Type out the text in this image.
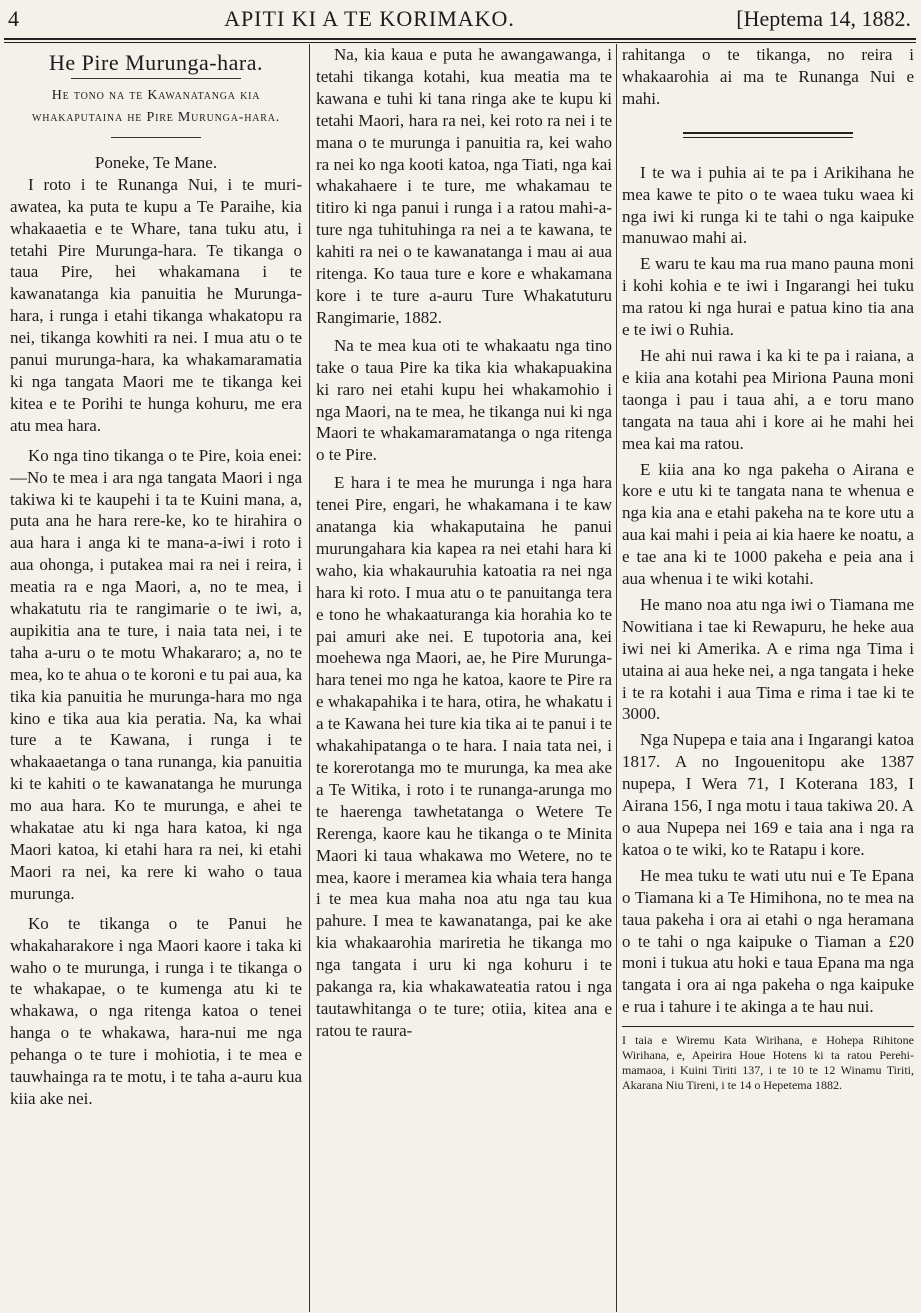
4	APITI KI A TE KORIMAKO.	[Heptema 14, 1882.
He Pire Murunga-hara.
He tono na te Kawanatanga kia whakaputaina he Pire Murunga-hara.
Poneke, Te Mane.

I roto i te Runanga Nui, i te muri-awatea, ka puta te kupu a Te Paraihe, kia whakaaetia e te Whare, tana tuku atu, i tetahi Pire Murunga-hara. Te tikanga o taua Pire, hei whakamana i te kawanatanga kia panuitia he Murunga-hara, i runga i etahi tikanga whakatopu ra nei, tikanga kowhiti ra nei. I mua atu o te panui murunga-hara, ka whakamaramatia ki nga tangata Maori me te tikanga kei kitea e te Porihi te hunga kohuru, me era atu mea hara.

Ko nga tino tikanga o te Pire, koia enei:—No te mea i ara nga tangata Maori i nga takiwa ki te kaupehi i ta te Kuini mana, a, puta ana he hara rere-ke, ko te hirahira o aua hara i anga ki te mana-a-iwi i roto i aua ohonga, i putakea mai ra nei i reira, i meatia ra e nga Maori, a, no te mea, i whakatutu ria te rangimarie o te iwi, a, aupikitia ana te ture, i naia tata nei, i te taha a-uru o te motu Whakararo; a, no te mea, ko te ahua o te koroni e tu pai aua, ka tika kia panuitia he murunga-hara mo nga kino e tika aua kia peratia. Na, ka whai ture a te Kawana, i runga i te whakaaetanga o tana runanga, kia panuitia ki te kahiti o te kawanatanga he murunga mo aua hara. Ko te murunga, e ahei te whakatae atu ki nga hara katoa, ki nga Maori katoa, ki etahi hara ra nei, ki etahi Maori ra nei, ka rere ki waho o taua murunga.

Ko te tikanga o te Panui he whakaharakore i nga Maori kaore i taka ki waho o te murunga, i runga i te tikanga o te whakapae, o te kumenga atu ki te whakawa, o nga ritenga katoa o tenei hanga o te whakawa, hara-nui me nga pehanga o te ture i mohiotia, i te mea e tauwhainga ra te motu, i te taha a-auru kua kiia ake nei.

Na, kia kaua e puta he awangawanga, i tetahi tikanga kotahi, kua meatia ma te kawana e tuhi ki tana ringa ake te kupu ki tetahi Maori, hara ra nei, kei roto ra nei i te mana o te murunga i panuitia ra, kei waho ra nei ko nga kooti katoa, nga Tiati, nga kai whakahaere i te ture, me whakamau te titiro ki nga panui i runga i a ratou mahi-a-ture nga tuhituhinga ra nei a te kawana, te kahiti ra nei o te kawanatanga i mau ai aua ritenga. Ko taua ture e kore e whakamana kore i te ture a-auru Ture Whakatuturu Rangimarie, 1882.

Na te mea kua oti te whakaatu nga tino take o taua Pire ka tika kia whakapuakina ki raro nei etahi kupu hei whakamohio i nga Maori, na te mea, he tikanga nui ki nga Maori te whakamaramatanga o nga ritenga o te Pire.

E hara i te mea he murunga i nga hara tenei Pire, engari, he whakamana i te kaw anatanga kia whakaputaina he panui murungahara kia kapea ra nei etahi hara ki waho, kia whakauruhia katoatia ra nei nga hara ki roto. I mua atu o te panuitanga tera e tono he whakaaturanga kia horahia ko te pai amuri ake nei. E tupotoria ana, kei moehewa nga Maori, ae, he Pire Murunga-hara tenei mo nga he katoa, kaore te Pire ra e whakapahika i te hara, otira, he whakatu i a te Kawana hei ture kia tika ai te panui i te whakahipatanga o te hara. I naia tata nei, i te korerotanga mo te murunga, ka mea ake a Te Witika, i roto i te runanga-arunga mo te haerenga tawhetatanga o Wetere Te Rerenga, kaore kau he tikanga o te Minita Maori ki taua whakawa mo Wetere, no te mea, kaore i meramea kia whaia tera hanga i te mea kua maha noa atu nga tau kua pahure. I mea te kawanatanga, pai ke ake kia whakaarohia mariretia he tikanga mo nga tangata i uru ki nga kohuru i te pakanga ra, kia whakawateatia ratou i nga tautawhitanga o te ture; otiia, kitea ana e ratou te raura-

rahitanga o te tikanga, no reira i whakaarohia ai ma te Runanga Nui e mahi.

I te wa i puhia ai te pa i Arikihana he mea kawe te pito o te waea tuku waea ki nga iwi ki runga ki te tahi o nga kaipuke manuwao mahi ai.

E waru te kau ma rua mano pauna moni i kohi kohia e te iwi i Ingarangi hei tuku ma ratou ki nga hurai e patua kino tia ana e te iwi o Ruhia.

He ahi nui rawa i ka ki te pa i raiana, a e kiia ana kotahi pea Miriona Pauna moni taonga i pau i taua ahi, a e toru mano tangata na taua ahi i kore ai he mahi hei mea kai ma ratou.

E kiia ana ko nga pakeha o Airana e kore e utu ki te tangata nana te whenua e nga kia ana e etahi pakeha na te kore utu a aua kai mahi i peia ai kia haere ke noatu, a e tae ana ki te 1000 pakeha e peia ana i aua whenua i te wiki kotahi.

He mano noa atu nga iwi o Tiamana me Nowitiana i tae ki Rewapuru, he heke aua iwi nei ki Amerika. A e rima nga Tima i utaina ai aua heke nei, a nga tangata i heke i te ra kotahi i aua Tima e rima i tae ki te 3000.

Nga Nupepa e taia ana i Ingarangi katoa 1817. A no Ingouenitopu ake 1387 nupepa, I Wera 71, I Koterana 183, I Airana 156, I nga motu i taua takiwa 20. A o aua Nupepa nei 169 e taia ana i nga ra katoa o te wiki, ko te Ratapu i kore.

He mea tuku te wati utu nui e Te Epana o Tiamana ki a Te Himihona, no te mea na taua pakeha i ora ai etahi o nga heramana o te tahi o nga kaipuke o Tiaman a £20 moni i tukua atu hoki e taua Epana ma nga tangata i ora ai nga pakeha o nga kaipuke e rua i tahure i te akinga a te hau nui.

I taia e Wiremu Kata Wirihana, e Hohepa Rihitone Wirihana, e, Apeirira Houe Hotens ki ta ratou Perehi-mamaoa, i Kuini Tiriti 137, i te 10 te 12 Winamu Tiriti, Akarana Niu Tireni, i te 14 o Hepetema 1882.
